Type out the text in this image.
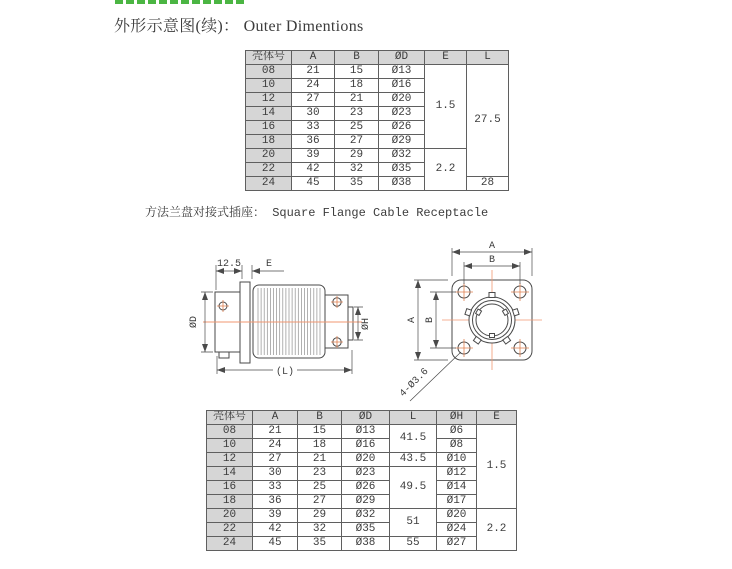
外形示意图(续)： Outer Dimentions
壳体号	A	B	ØD	E	L
08	21	15	Ø13	1.5	27.5
10	24	18	Ø16		
12	27	21	Ø20		
14	30	23	Ø23		
16	33	25	Ø26		
18	36	27	Ø29		
20	39	29	Ø32	2.2	
22	42	32	Ø35		
24	45	35	Ø38		28
方法兰盘对接式插座： Square Flange Cable Receptacle
12.5 E
ØD	ØH
(L)
A
B
A B
4-Ø3.6
壳体号	A	B	ØD	L	ØH	E
08	21	15	Ø13	41.5	Ø6	1.5
10	24	18	Ø16		Ø8	
12	27	21	Ø20	43.5	Ø10	
14	30	23	Ø23	49.5	Ø12	
16	33	25	Ø26		Ø14	
18	36	27	Ø29		Ø17	
20	39	29	Ø32	51	Ø20	2.2
22	42	32	Ø35		Ø24	
24	45	35	Ø38	55	Ø27	
